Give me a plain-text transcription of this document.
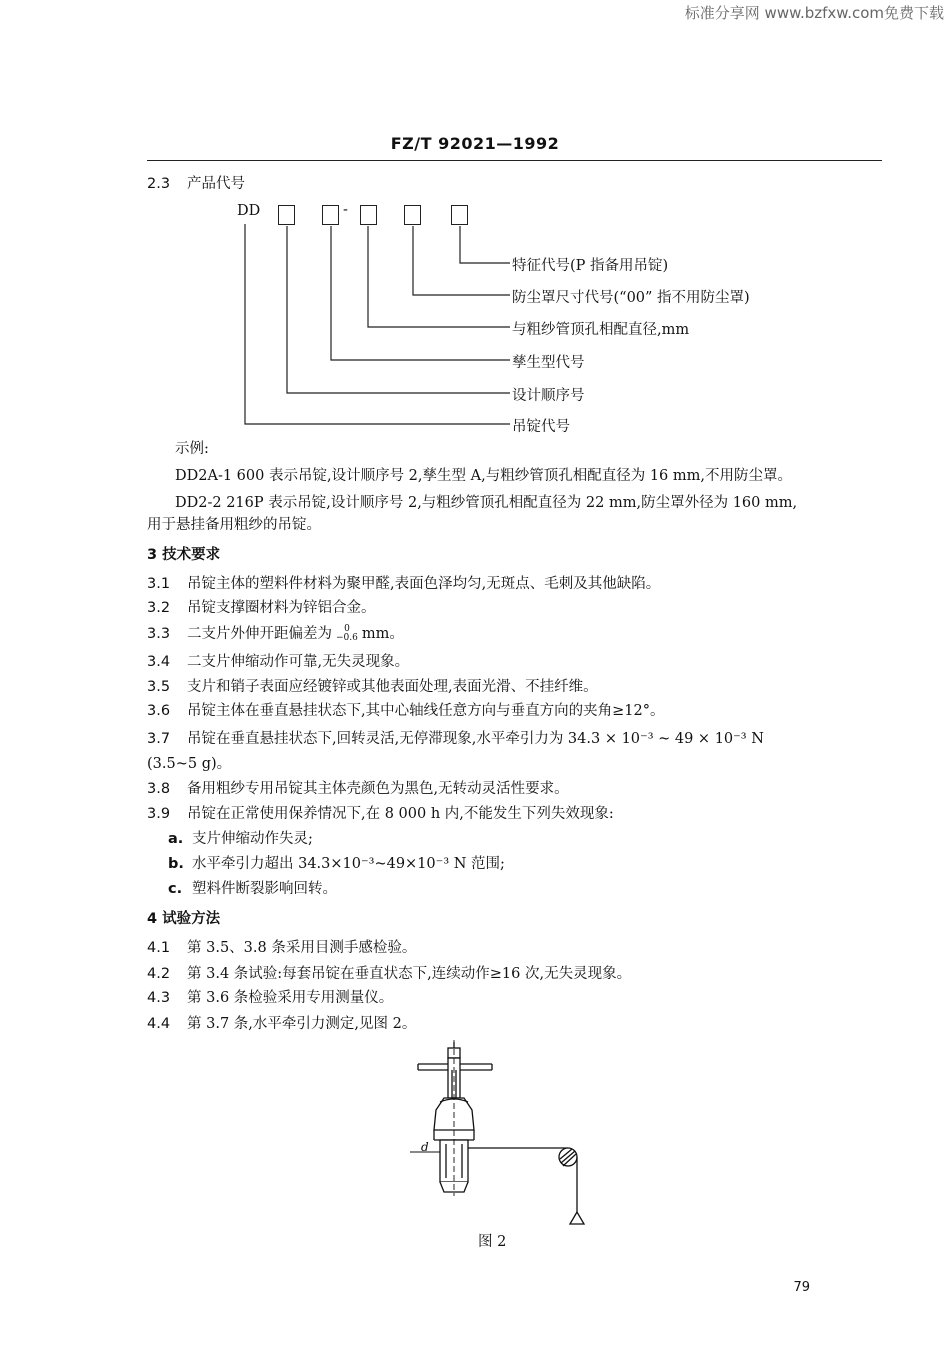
标准分享网 www.bzfxw.com免费下载
FZ/T 92021—1992
2.3 产品代号
DD	-
特征代号(P 指备用吊锭)
防尘罩尺寸代号(“00” 指不用防尘罩)
与粗纱管顶孔相配直径,mm
孳生型代号
设计顺序号
吊锭代号
示例:
DD2A-1 600 表示吊锭,设计顺序号 2,孳生型 A,与粗纱管顶孔相配直径为 16 mm,不用防尘罩。
DD2-2 216P 表示吊锭,设计顺序号 2,与粗纱管顶孔相配直径为 22 mm,防尘罩外径为 160 mm,
用于悬挂备用粗纱的吊锭。
3 技术要求
3.1 吊锭主体的塑料件材料为聚甲醛,表面色泽均匀,无斑点、毛刺及其他缺陷。
3.2 吊锭支撑圈材料为锌铝合金。
3.3 二支片外伸开距偏差为	0
−0.6 mm。
3.4 二支片伸缩动作可靠,无失灵现象。
3.5 支片和销子表面应经镀锌或其他表面处理,表面光滑、不挂纤维。
3.6 吊锭主体在垂直悬挂状态下,其中心轴线任意方向与垂直方向的夹角≥12°。
3.7 吊锭在垂直悬挂状态下,回转灵活,无停滞现象,水平牵引力为 34.3 × 10⁻³ ~ 49 × 10⁻³ N
(3.5~5 g)。
3.8 备用粗纱专用吊锭其主体壳颜色为黑色,无转动灵活性要求。
3.9 吊锭在正常使用保养情况下,在 8 000 h 内,不能发生下列失效现象:
a. 支片伸缩动作失灵;
b. 水平牵引力超出 34.3×10⁻³~49×10⁻³ N 范围;
c. 塑料件断裂影响回转。
4 试验方法
4.1 第 3.5、3.8 条采用目测手感检验。
4.2 第 3.4 条试验:每套吊锭在垂直状态下,连续动作≥16 次,无失灵现象。
4.3 第 3.6 条检验采用专用测量仪。
4.4 第 3.7 条,水平牵引力测定,见图 2。
d
图 2
79
